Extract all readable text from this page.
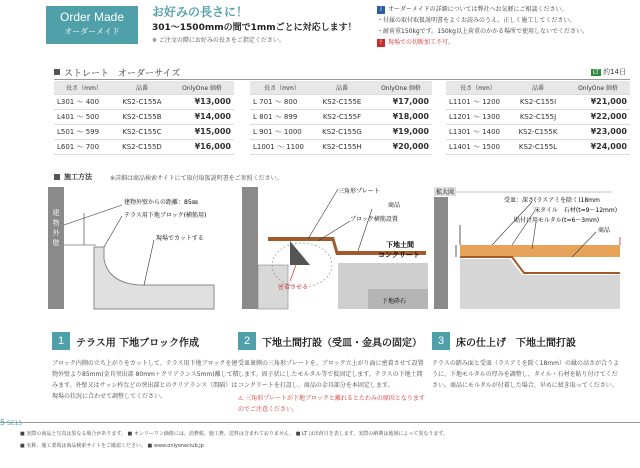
Order Made
オーダーメイド
お好みの長さに！
301〜1500mmの間で1mmごとに対応します！
※ ご注文の際にお好みの長さをご指定ください。
i オーダーメイドの詳細については弊社へお気軽にご相談ください。
・付属の取付取扱説明書をよくお読みのうえ、正しく施工してください。
・耐荷重150kgです。150kg以上荷重のかかる場所で使用しないでください。
! 現場での切断加工不可。
ストレート　オーダーサイズ	LT 約14日
長さ（mm）	品番	OnlyOne 価格
L301 〜 400	KS2-C155A	¥13,000
L401 〜 500	KS2-C155B	¥14,000
L501 〜 599	KS2-C155C	¥15,000
L601 〜 700	KS2-C155D	¥16,000
長さ（mm）	品番	OnlyOne 価格
L 701 〜 800	KS2-C155E	¥17,000
L 801 〜 899	KS2-C155F	¥18,000
L 901 〜 1000	KS2-C155G	¥19,000
L1001 〜 1100	KS2-C155H	¥20,000
長さ（mm）	品番	OnlyOne 価格
L1101 〜 1200	KS2-C155I	¥21,000
L1201 〜 1300	KS2-C155J	¥22,000
L1301 〜 1400	KS2-C155K	¥23,000
L1401 〜 1500	KS2-C155L	¥24,000
施工方法	※詳細は商品検索サイトにて取付取扱説明書をご参照ください。
建
物
外
壁
建物外壁からの距離：85㎜
テラス用下地ブロック(横筋用)
現場でカットする
三角形プレート
商品
ブロック横筋設置
下地土間
コンクリート
密着させる
下地砕石
拡大図
受皿：深さ(ラスアミを除く)18mm
床タイル　石材(t=9〜12mm)
貼付け用モルタル(t=6〜3mm)
商品
1	テラス用 下地ブロック作成	2	下地土間打設（受皿・金具の固定）	3	床の仕上げ　下地土間打設
ブロック内側の立ち上がりをカットして、テラス用下地ブロックを建物外壁より85mm(金具突出部 80mm＋クリアランス5mm)離して積みます。外壁又はサッシ枠などの突出部とのクリアランス（間隔）は現場の状況に合わせて調整してください。
受皿裏側の三角形プレートを、ブロック立上がり面に密着させて設置します。固子状にしたモルタル等で仮固定します。テラスの下地土間コンクリートを打設し、商品の金具部分を本固定します。
⚠ 三角形プレートが下地ブロックと離れるとたわみの原因となりますのでご注意ください。
テラスの踏み面と受皿（ラスアミを除く18mm）の縁の高さが合うように、下地モルタルの厚みを調整し、タイル・石材を貼り付けてください。商品にモルタルが付着した場合、早めに拭き取ってください。
5 SE15
■ 実際の商品と写真は異なる場合があります。 ■ オンリーワン価格には、消費税、施工費、送料は含まれておりません。 ■ LT は出荷日を表します。実際の納期は地域によって異なります。
■ 名称、施工要領は商品検索サイトをご確認ください。 ■ www.onlyoneclub.jp
